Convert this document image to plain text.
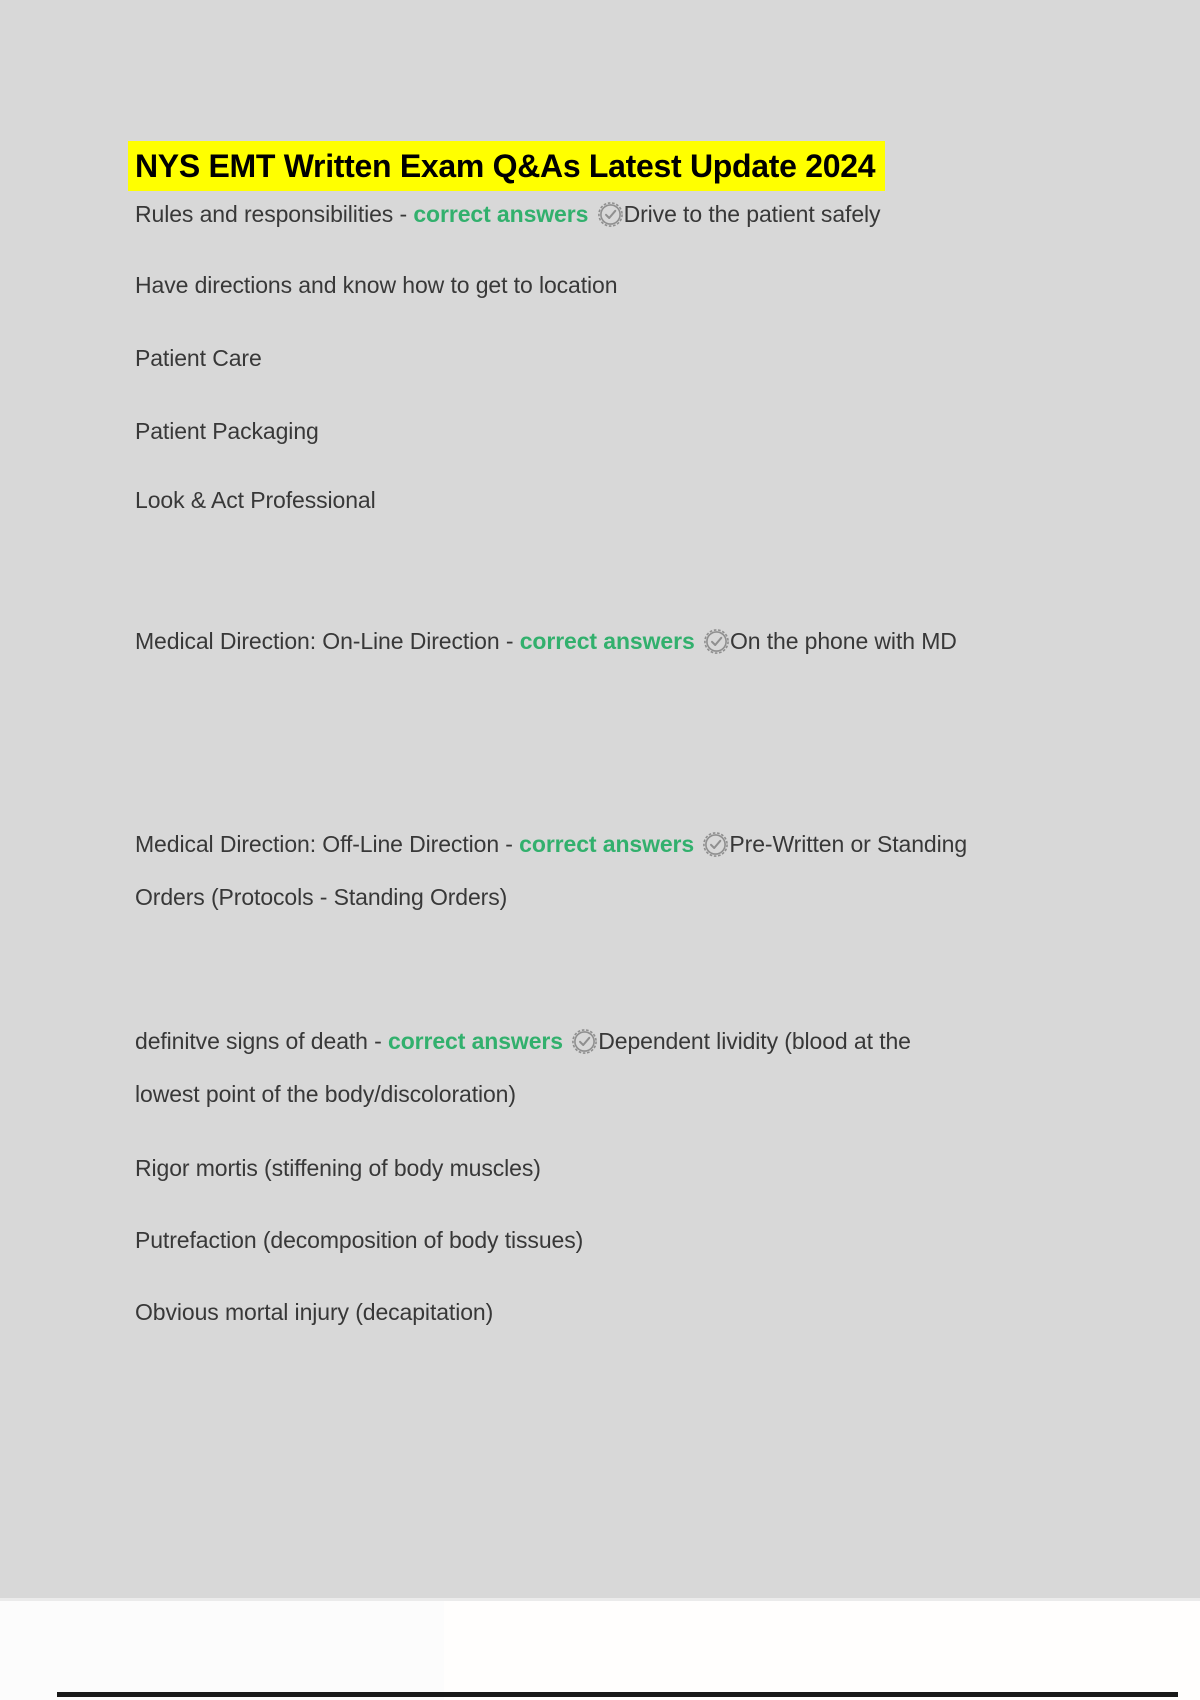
NYS EMT Written Exam Q&As Latest Update 2024
Rules and responsibilities - correct answers Drive to the patient safely
Have directions and know how to get to location
Patient Care
Patient Packaging
Look & Act Professional
Medical Direction: On-Line Direction - correct answers On the phone with MD
Medical Direction: Off-Line Direction - correct answers Pre-Written or Standing Orders (Protocols - Standing Orders)
definitve signs of death - correct answers Dependent lividity (blood at the lowest point of the body/discoloration)
Rigor mortis (stiffening of body muscles)
Putrefaction (decomposition of body tissues)
Obvious mortal injury (decapitation)
